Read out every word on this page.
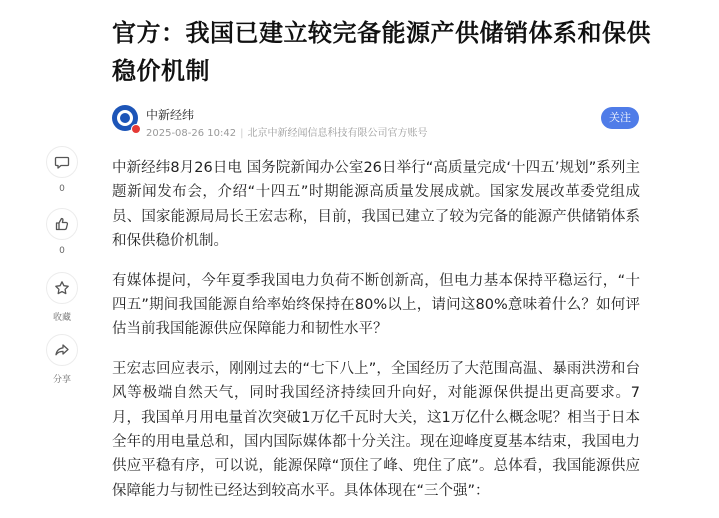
官方：我国已建立较完备能源产供储销体系和保供稳价机制
中新经纬
2025-08-26 10:42 | 北京中新经闻信息科技有限公司官方账号
关注
0
0
收藏
分享

中新经纬8月26日电 国务院新闻办公室26日举行“高质量完成‘十四五’规划”系列主题新闻发布会，介绍“十四五”时期能源高质量发展成就。国家发展改革委党组成员、国家能源局局长王宏志称，目前，我国已建立了较为完备的能源产供储销体系和保供稳价机制。

有媒体提问，今年夏季我国电力负荷不断创新高，但电力基本保持平稳运行，“十四五”期间我国能源自给率始终保持在80%以上，请问这80%意味着什么？如何评估当前我国能源供应保障能力和韧性水平？

王宏志回应表示，刚刚过去的“七下八上”，全国经历了大范围高温、暴雨洪涝和台风等极端自然天气，同时我国经济持续回升向好，对能源保供提出更高要求。7月，我国单月用电量首次突破1万亿千瓦时大关，这1万亿什么概念呢？相当于日本全年的用电量总和，国内国际媒体都十分关注。现在迎峰度夏基本结束，我国电力供应平稳有序，可以说，能源保障“顶住了峰、兜住了底”。总体看，我国能源供应保障能力与韧性已经达到较高水平。具体体现在“三个强”：
